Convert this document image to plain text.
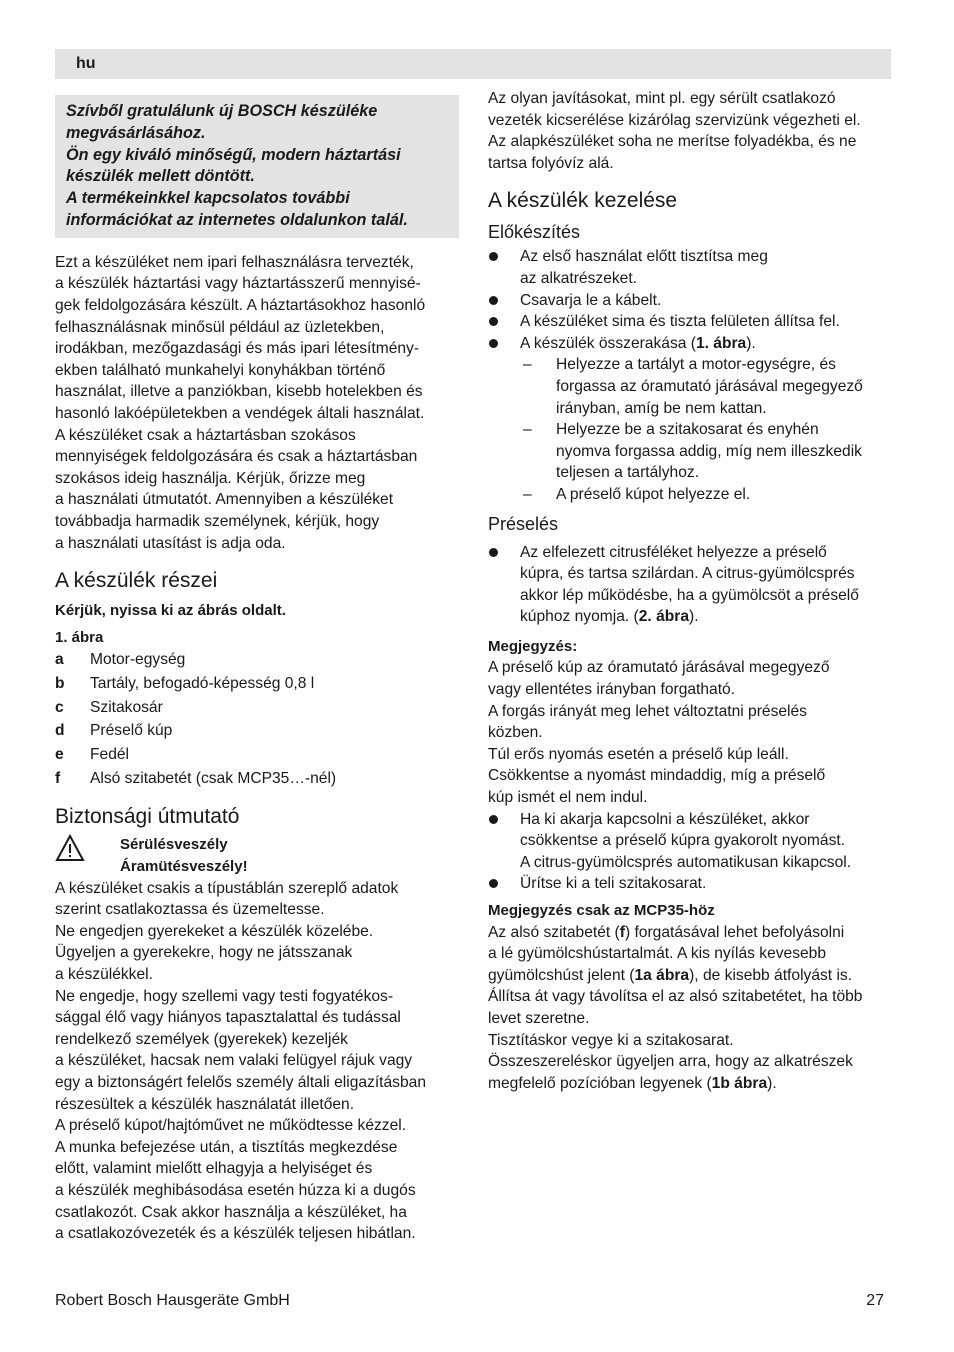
hu

Szívből gratulálunk új BOSCH készüléke megvásárlásához.

Ön egy kiváló minőségű, modern háztartási készülék mellett döntött.

A termékeinkkel kapcsolatos további információkat az internetes oldalunkon talál.

Ezt a készüléket nem ipari felhasználásra tervezték,

a készülék háztartási vagy háztartásszerű mennyisé-

gek feldolgozására készült. A háztartásokhoz hasonló

felhasználásnak minősül például az üzletekben,

irodákban, mezőgazdasági és más ipari létesítmény-

ekben található munkahelyi konyhákban történő

használat, illetve a panziókban, kisebb hotelekben és

hasonló lakóépületekben a vendégek általi használat.

A készüléket csak a háztartásban szokásos

mennyiségek feldolgozására és csak a háztartásban

szokásos ideig használja. Kérjük, őrizze meg

a használati útmutatót. Amennyiben a készüléket

továbbadja harmadik személynek, kérjük, hogy

a használati utasítást is adja oda.

A készülék részei

Kérjük, nyissa ki az ábrás oldalt.

1. ábra

a	Motor-egység
b	Tartály, befogadó-képesség 0,8 l
c	Szitakosár
d	Préselő kúp
e	Fedél
f	Alsó szitabetét (csak MCP35…-nél)
Biztonsági útmutató

Sérülésveszély

Áramütésveszély!

A készüléket csakis a típustáblán szereplő adatok

szerint csatlakoztassa és üzemeltesse.

Ne engedjen gyerekeket a készülék közelébe.

Ügyeljen a gyerekekre, hogy ne játsszanak

a készülékkel.

Ne engedje, hogy szellemi vagy testi fogyatékos-

sággal élő vagy hiányos tapasztalattal és tudással

rendelkező személyek (gyerekek) kezeljék

a készüléket, hacsak nem valaki felügyel rájuk vagy

egy a biztonságért felelős személy általi eligazításban

részesültek a készülék használatát illetően.

A préselő kúpot/hajtóművet ne működtesse kézzel.

A munka befejezése után, a tisztítás megkezdése

előtt, valamint mielőtt elhagyja a helyiséget és

a készülék meghibásodása esetén húzza ki a dugós

csatlakozót. Csak akkor használja a készüléket, ha

a csatlakozóvezeték és a készülék teljesen hibátlan.

Az olyan javításokat, mint pl. egy sérült csatlakozó

vezeték kicserélése kizárólag szervizünk végezheti el.

Az alapkészüléket soha ne merítse folyadékba, és ne

tartsa folyóvíz alá.

A készülék kezelése
Előkészítés

Az első használat előtt tisztítsa meg

az alkatrészeket.

Csavarja le a kábelt.

A készüléket sima és tiszta felületen állítsa fel.

A készülék összerakása (1. ábra).

–	Helyezze a tartályt a motor-egységre, és

forgassa az óramutató járásával megegyező

irányban, amíg be nem kattan.

–	Helyezze be a szitakosarat és enyhén

nyomva forgassa addig, míg nem illeszkedik

teljesen a tartályhoz.

–	A préselő kúpot helyezze el.

Préselés

Az elfelezett citrusféléket helyezze a préselő

kúpra, és tartsa szilárdan. A citrus-gyümölcsprés

akkor lép működésbe, ha a gyümölcsöt a préselő

kúphoz nyomja. (2. ábra).

Megjegyzés:

A préselő kúp az óramutató járásával megegyező

vagy ellentétes irányban forgatható.

A forgás irányát meg lehet változtatni préselés

közben.

Túl erős nyomás esetén a préselő kúp leáll.

Csökkentse a nyomást mindaddig, míg a préselő

kúp ismét el nem indul.

Ha ki akarja kapcsolni a készüléket, akkor

csökkentse a préselő kúpra gyakorolt nyomást.

A citrus-gyümölcsprés automatikusan kikapcsol.

Ürítse ki a teli szitakosarat.

Megjegyzés csak az MCP35-höz

Az alsó szitabetét (f) forgatásával lehet befolyásolni

a lé gyümölcshústartalmát. A kis nyílás kevesebb

gyümölcshúst jelent (1a ábra), de kisebb átfolyást is.

Állítsa át vagy távolítsa el az alsó szitabetétet, ha több

levet szeretne.

Tisztításkor vegye ki a szitakosarat.

Összeszereléskor ügyeljen arra, hogy az alkatrészek

megfelelő pozícióban legyenek (1b ábra).

Robert Bosch Hausgeräte GmbH	27
